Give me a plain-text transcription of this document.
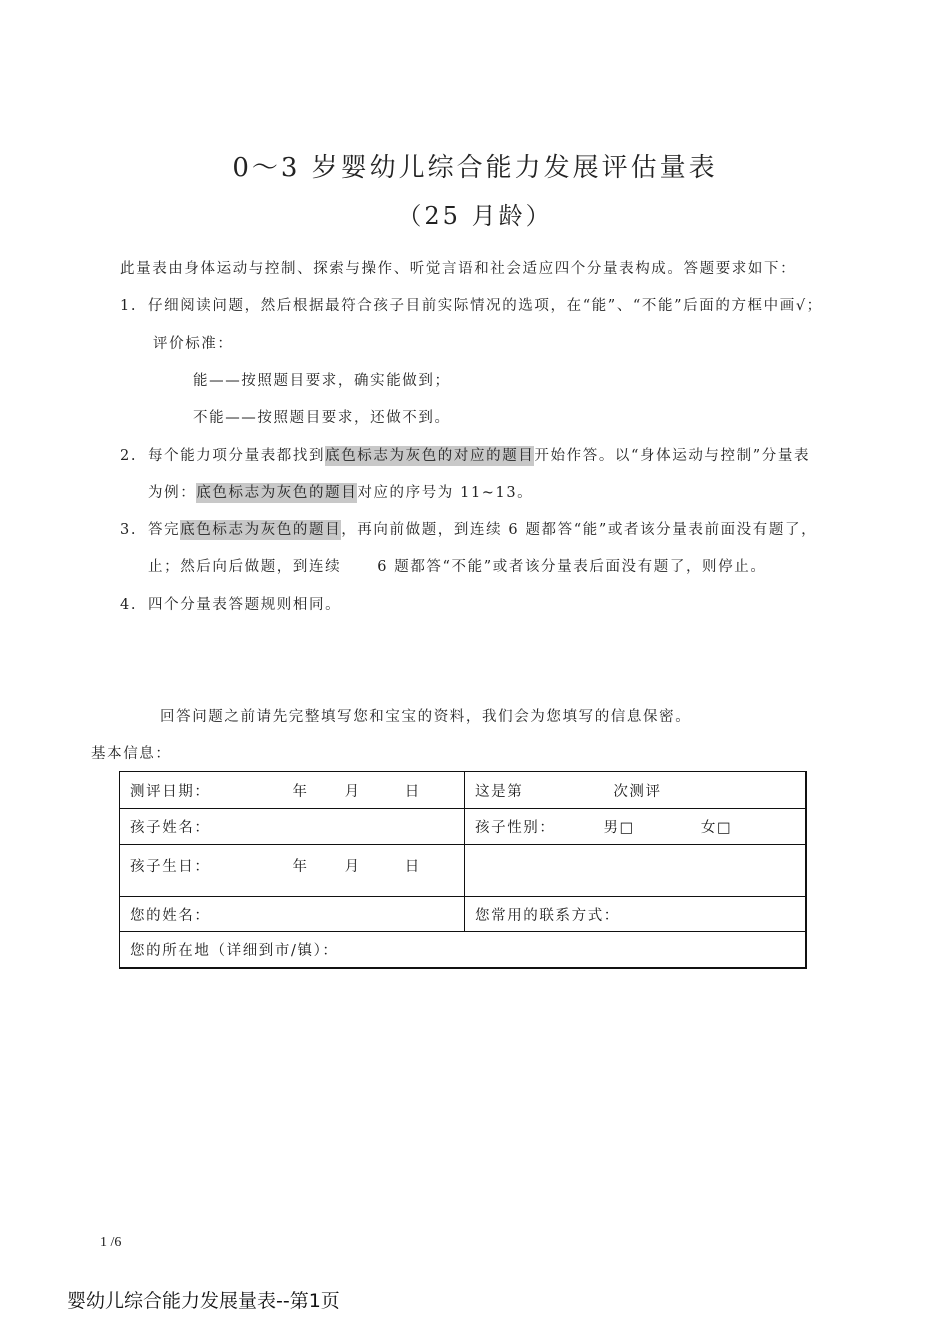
0～3 岁婴幼儿综合能力发展评估量表
（25 月龄）
此量表由身体运动与控制、探索与操作、听觉言语和社会适应四个分量表构成。答题要求如下：
1. 仔细阅读问题，然后根据最符合孩子目前实际情况的选项，在“能”、“不能”后面的方框中画√；
评价标准：
能——按照题目要求，确实能做到；
不能——按照题目要求，还做不到。
2. 每个能力项分量表都找到底色标志为灰色的对应的题目开始作答。以“身体运动与控制”分量表
为例：底色标志为灰色的题目对应的序号为 11~13。
3. 答完底色标志为灰色的题目，再向前做题，到连续 6 题都答“能”或者该分量表前面没有题了，
止；然后向后做题，到连续 6 题都答“不能”或者该分量表后面没有题了，则停止。
4. 四个分量表答题规则相同。
回答问题之前请先完整填写您和宝宝的资料，我们会为您填写的信息保密。
基本信息：
测评日期： 年 月 日	这是第 次测评
孩子姓名：	孩子性别： 男□ 女□
孩子生日： 年 月 日	

您的姓名：	您常用的联系方式：
您的所在地（详细到市/镇）：	
1 /6
婴幼儿综合能力发展量表--第1页
